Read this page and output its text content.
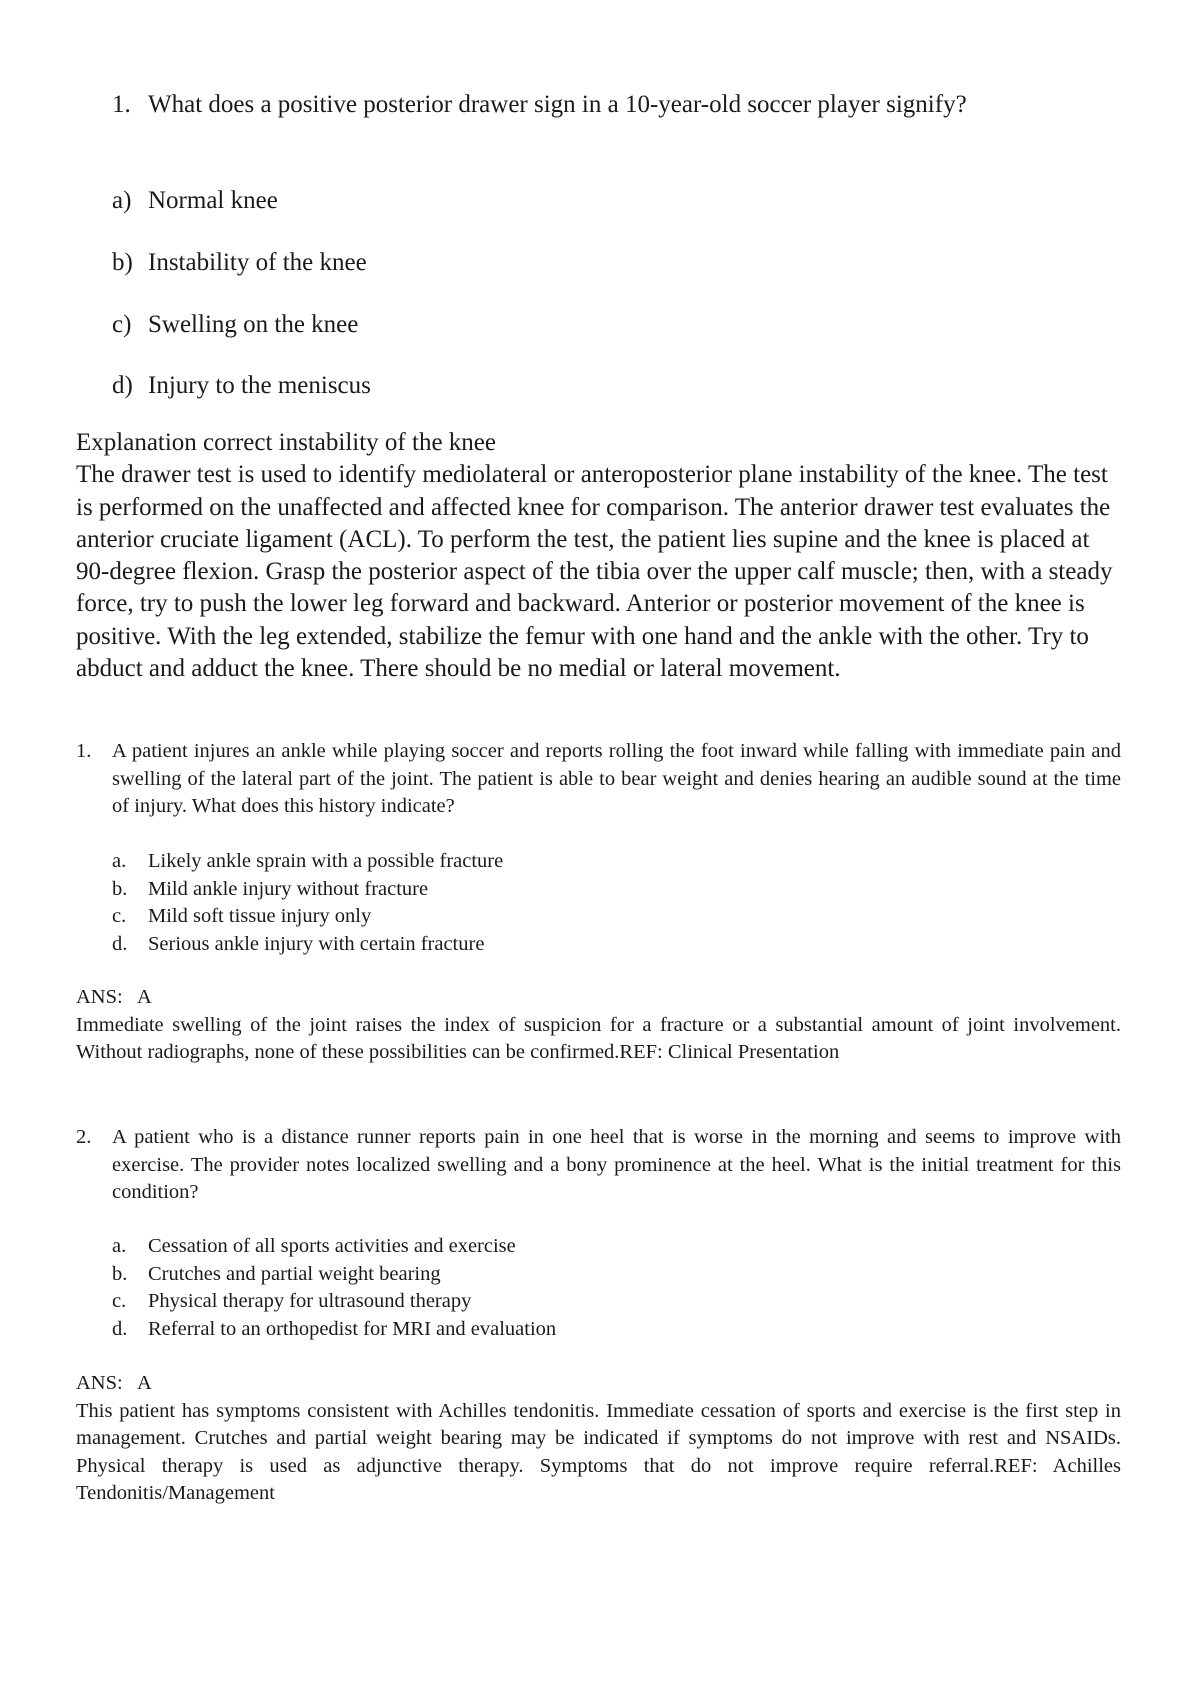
1. What does a positive posterior drawer sign in a 10-year-old soccer player signify?
a) Normal knee
b) Instability of the knee
c) Swelling on the knee
d) Injury to the meniscus

Explanation correct instability of the knee

The drawer test is used to identify mediolateral or anteroposterior plane instability of the knee. The test is performed on the unaffected and affected knee for comparison. The anterior drawer test evaluates the anterior cruciate ligament (ACL). To perform the test, the patient lies supine and the knee is placed at 90-degree flexion. Grasp the posterior aspect of the tibia over the upper calf muscle; then, with a steady force, try to push the lower leg forward and backward. Anterior or posterior movement of the knee is positive. With the leg extended, stabilize the femur with one hand and the ankle with the other. Try to abduct and adduct the knee. There should be no medial or lateral movement.

1. A patient injures an ankle while playing soccer and reports rolling the foot inward while falling with immediate pain and swelling of the lateral part of the joint. The patient is able to bear weight and denies hearing an audible sound at the time of injury. What does this history indicate?
a. Likely ankle sprain with a possible fracture
b. Mild ankle injury without fracture
c. Mild soft tissue injury only
d. Serious ankle injury with certain fracture
ANS: A

Immediate swelling of the joint raises the index of suspicion for a fracture or a substantial amount of joint involvement. Without radiographs, none of these possibilities can be confirmed.REF: Clinical Presentation

2. A patient who is a distance runner reports pain in one heel that is worse in the morning and seems to improve with exercise. The provider notes localized swelling and a bony prominence at the heel. What is the initial treatment for this condition?
a. Cessation of all sports activities and exercise
b. Crutches and partial weight bearing
c. Physical therapy for ultrasound therapy
d. Referral to an orthopedist for MRI and evaluation
ANS: A

This patient has symptoms consistent with Achilles tendonitis. Immediate cessation of sports and exercise is the first step in management. Crutches and partial weight bearing may be indicated if symptoms do not improve with rest and NSAIDs. Physical therapy is used as adjunctive therapy. Symptoms that do not improve require referral.REF: Achilles Tendonitis/Management
